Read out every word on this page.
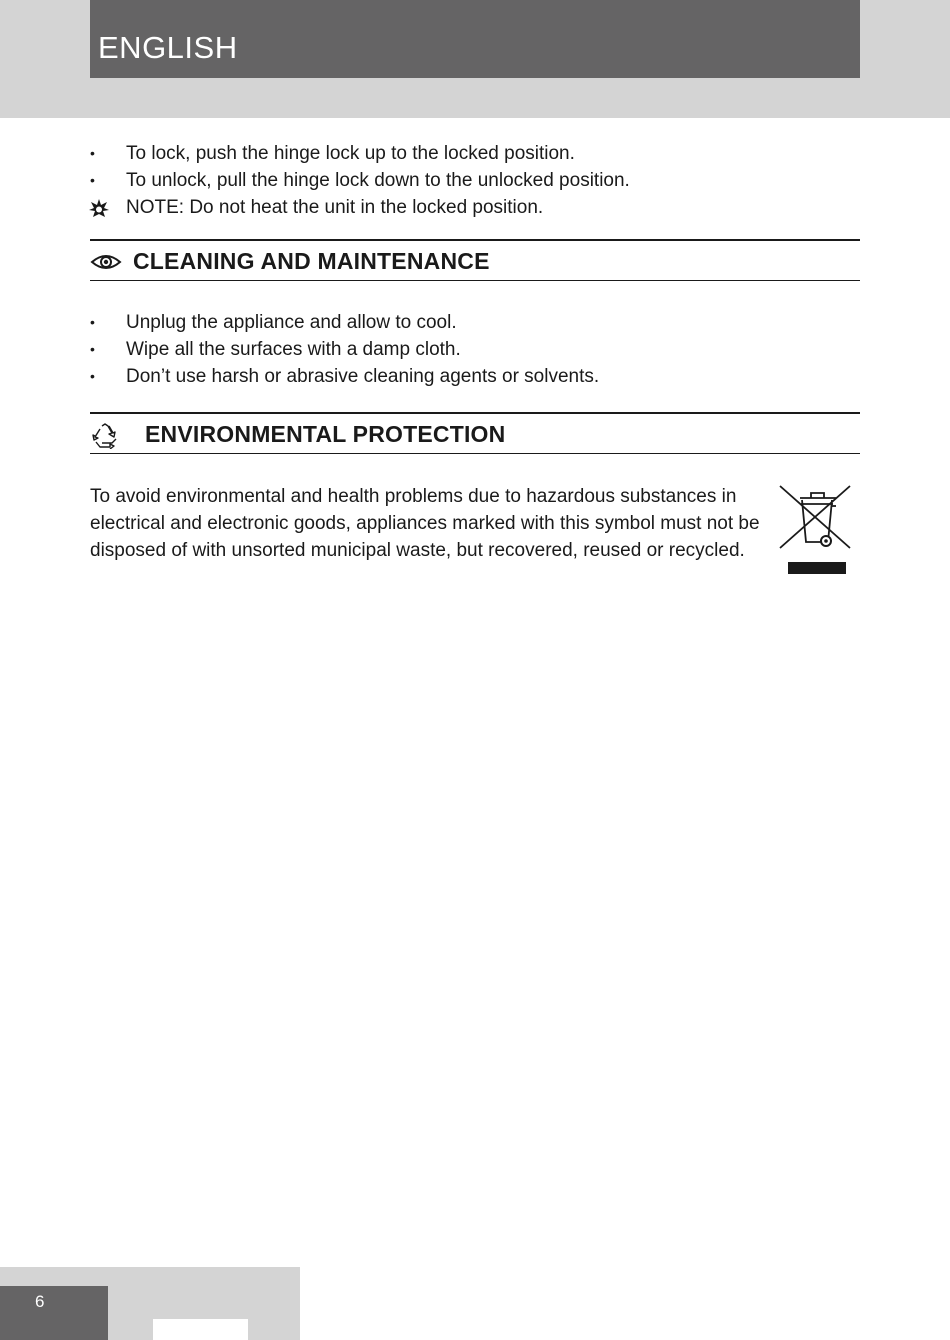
ENGLISH
•	To lock, push the hinge lock up to the locked position.
•	To unlock, pull the hinge lock down to the unlocked position.
NOTE: Do not heat the unit in the locked position.
CLEANING AND MAINTENANCE
•	Unplug the appliance and allow to cool.
•	Wipe all the surfaces with a damp cloth.
•	Don’t use harsh or abrasive cleaning agents or solvents.
ENVIRONMENTAL PROTECTION

To avoid environmental and health problems due to hazardous substances in electrical and electronic goods, appliances marked with this symbol must not be disposed of with unsorted municipal waste, but recovered, reused or recycled.

6
